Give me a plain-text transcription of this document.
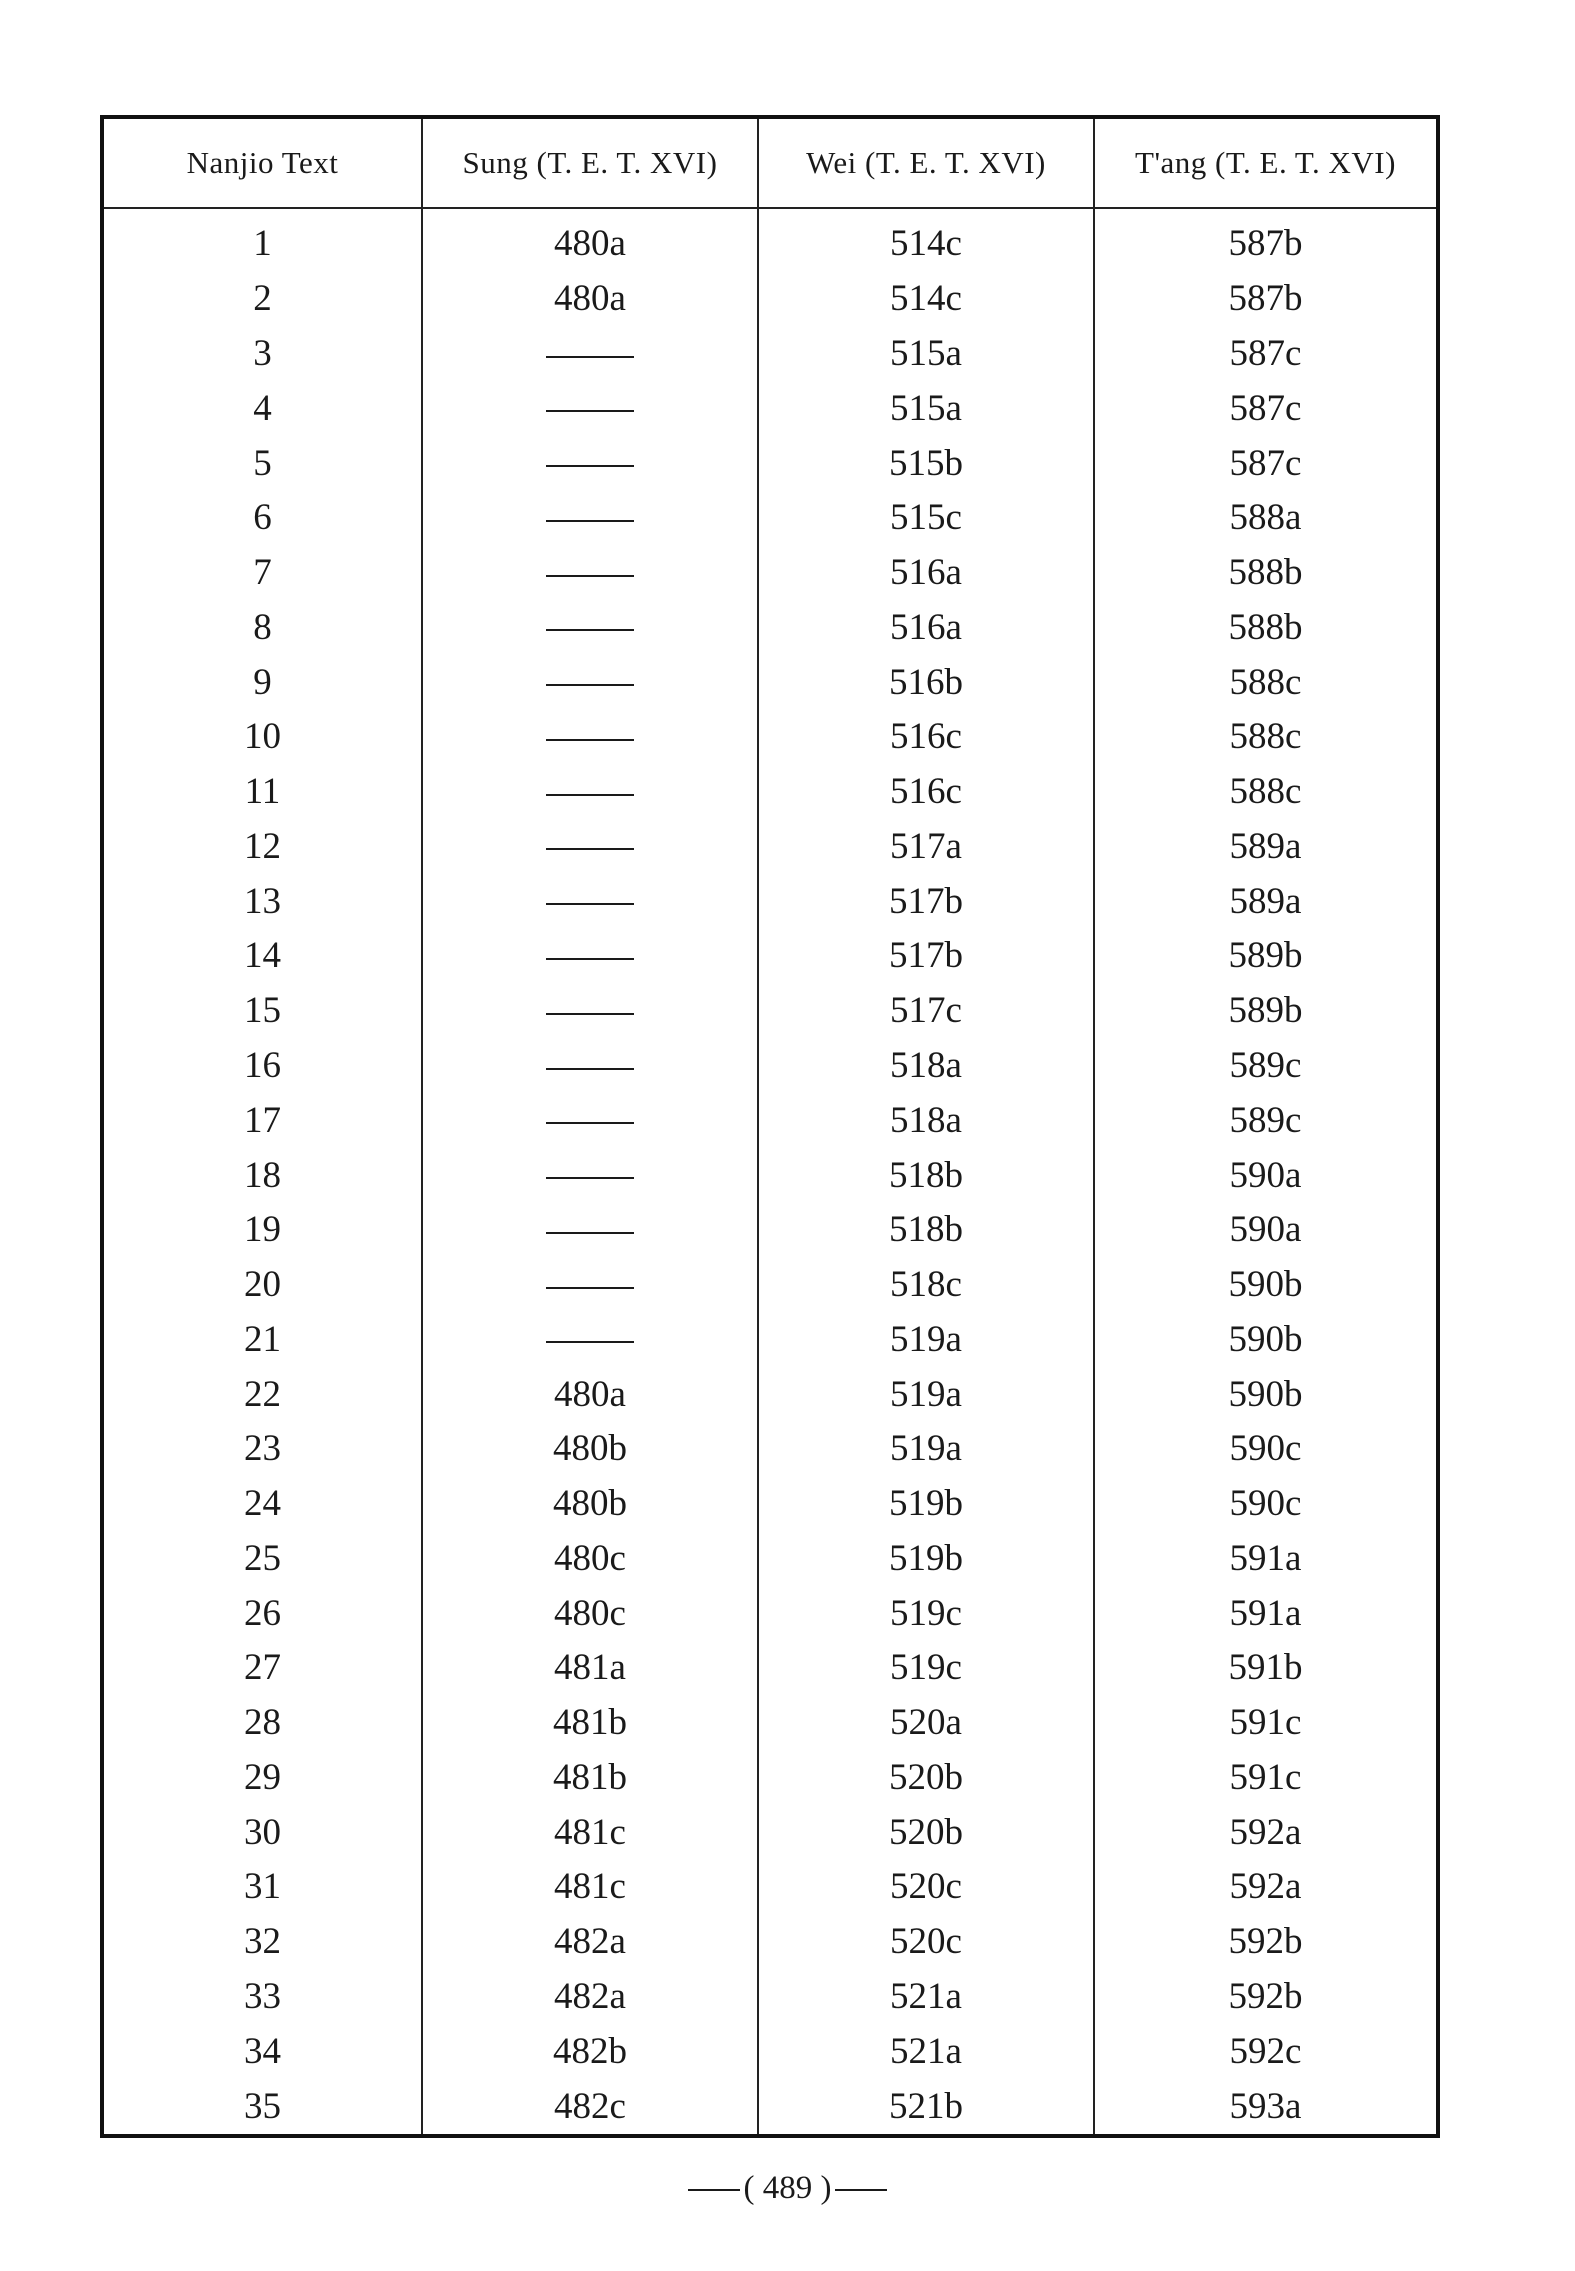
Nanjio Text	Sung (T. E. T. XVI)	Wei (T. E. T. XVI)	T'ang (T. E. T. XVI)
1	480a	514c	587b
2	480a	514c	587b
3		515a	587c
4		515a	587c
5		515b	587c
6		515c	588a
7		516a	588b
8		516a	588b
9		516b	588c
10		516c	588c
11		516c	588c
12		517a	589a
13		517b	589a
14		517b	589b
15		517c	589b
16		518a	589c
17		518a	589c
18		518b	590a
19		518b	590a
20		518c	590b
21		519a	590b
22	480a	519a	590b
23	480b	519a	590c
24	480b	519b	590c
25	480c	519b	591a
26	480c	519c	591a
27	481a	519c	591b
28	481b	520a	591c
29	481b	520b	591c
30	481c	520b	592a
31	481c	520c	592a
32	482a	520c	592b
33	482a	521a	592b
34	482b	521a	592c
35	482c	521b	593a
( 489 )
